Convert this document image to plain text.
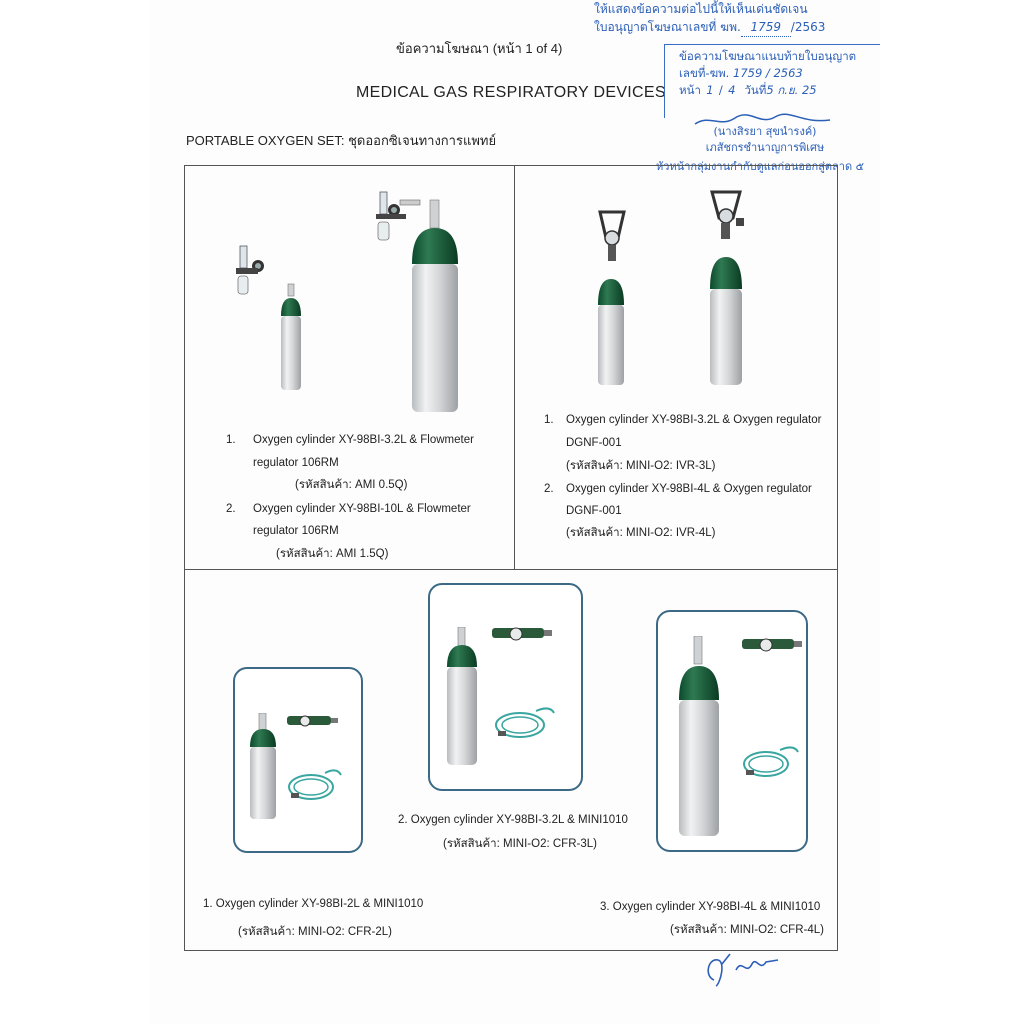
ข้อความโฆษณา (หน้า 1 of 4)
MEDICAL GAS RESPIRATORY DEVICES
PORTABLE OXYGEN SET: ชุดออกซิเจนทางการแพทย์
ให้แสดงข้อความต่อไปนี้ให้เห็นเด่นชัดเจน
ใบอนุญาตโฆษณาเลขที่ ฆพ. 1759 /2563
ข้อความโฆษณาแนบท้ายใบอนุญาต
เลขที่-ฆพ. 1759 / 2563
หน้า 1 / 4 วันที่5 ก.ย. 25
(นางสิรยา สุขนำรงค์)
เภสัชกรชำนาญการพิเศษ
หัวหน้ากลุ่มงานกำกับดูแลก่อนออกสู่ตลาด ๕
1. Oxygen cylinder XY-98BI-3.2L & Flowmeter
regulator 106RM
(รหัสสินค้า: AMI 0.5Q)
2. Oxygen cylinder XY-98BI-10L & Flowmeter
regulator 106RM
(รหัสสินค้า: AMI 1.5Q)
1. Oxygen cylinder XY-98BI-3.2L & Oxygen regulator
DGNF-001
(รหัสสินค้า: MINI-O2: IVR-3L)
2. Oxygen cylinder XY-98BI-4L & Oxygen regulator
DGNF-001
(รหัสสินค้า: MINI-O2: IVR-4L)
1. Oxygen cylinder XY-98BI-2L & MINI1010
(รหัสสินค้า: MINI-O2: CFR-2L)
2. Oxygen cylinder XY-98BI-3.2L & MINI1010
(รหัสสินค้า: MINI-O2: CFR-3L)
3. Oxygen cylinder XY-98BI-4L & MINI1010
(รหัสสินค้า: MINI-O2: CFR-4L)
